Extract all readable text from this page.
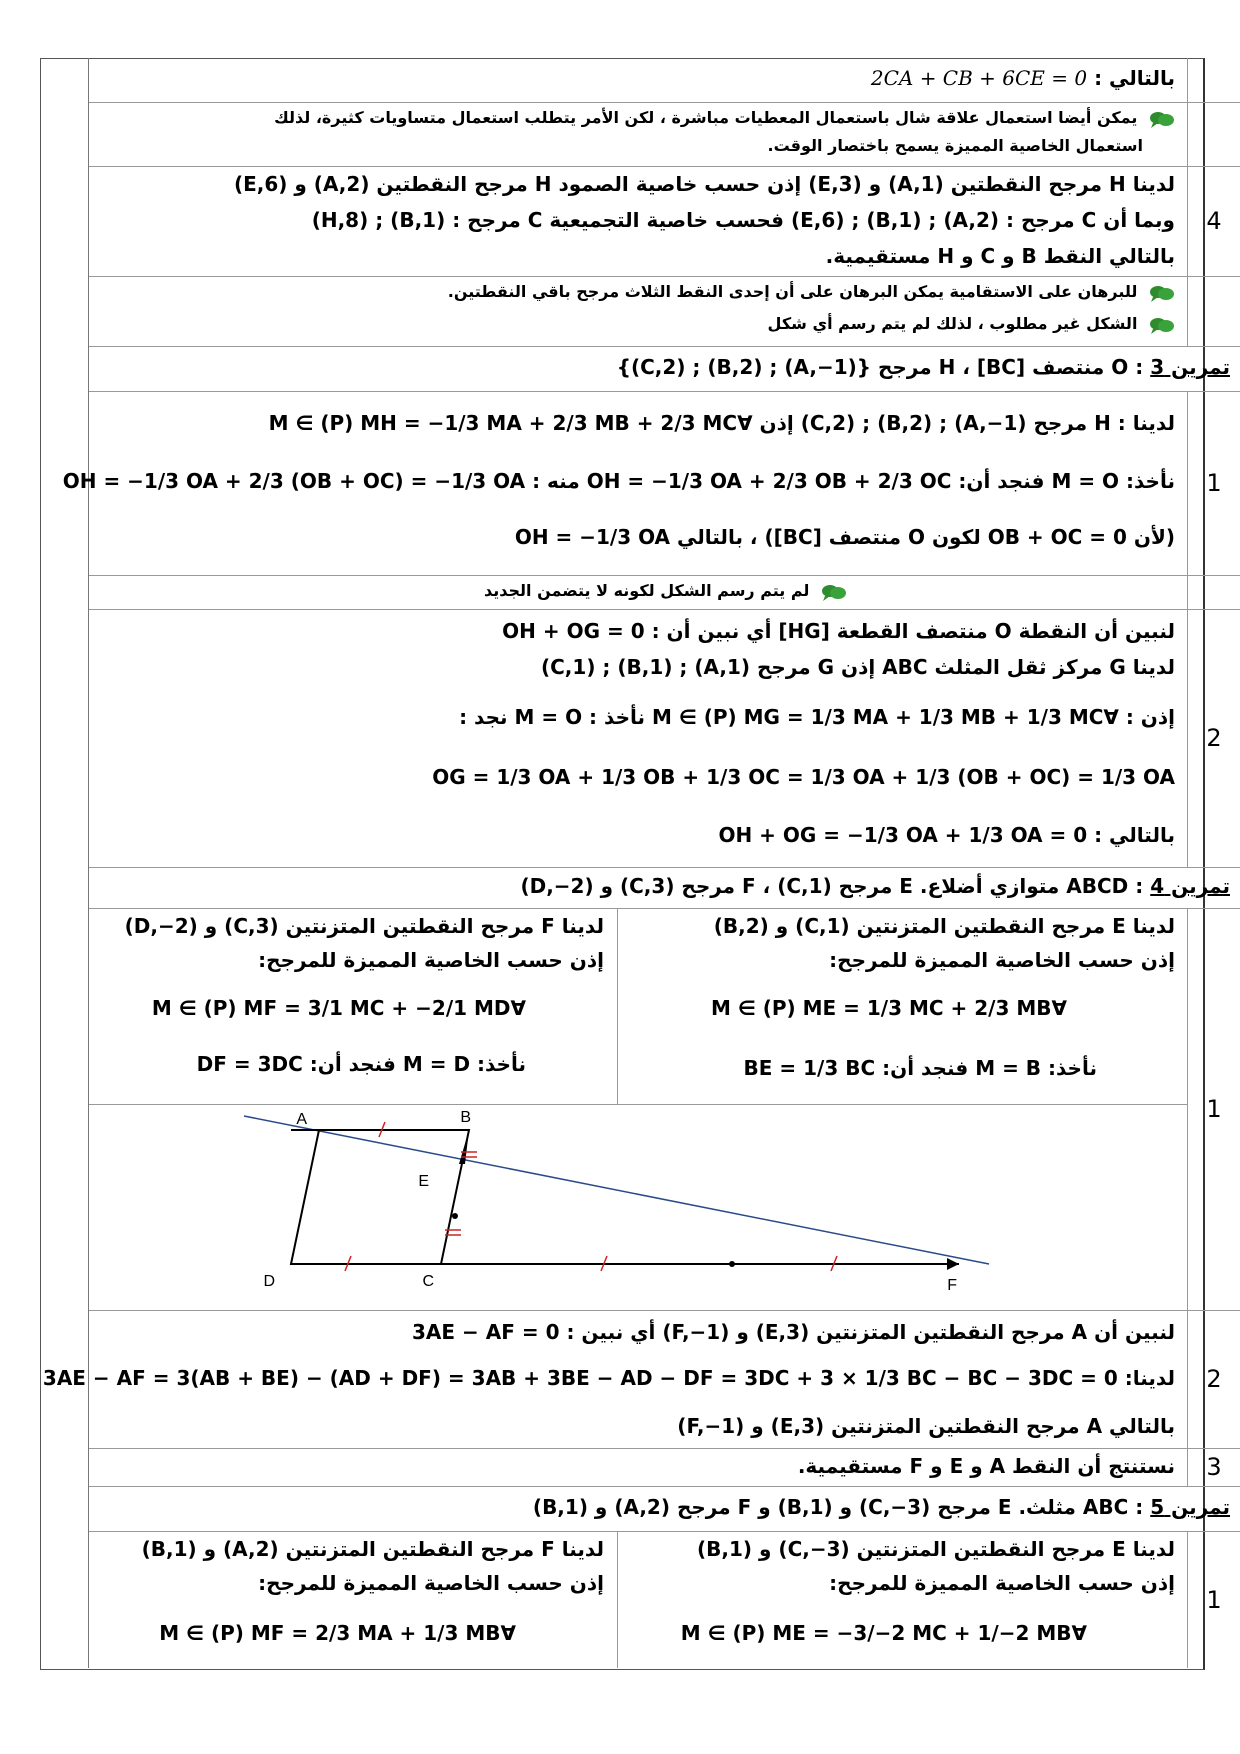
بالتالي : 2CA + CB + 6CE = 0
يمكن أيضا استعمال علاقة شال باستعمال المعطيات مباشرة ، لكن الأمر يتطلب استعمال متساويات كثيرة، لذلك
استعمال الخاصية المميزة يسمح باختصار الوقت.
4
لدينا H مرجح النقطتين (A,1) و (E,3) إذن حسب خاصية الصمود H مرجح النقطتين (A,2) و (E,6)
وبما أن C مرجح : (A,2) ; (B,1) ; (E,6) فحسب خاصية التجميعية C مرجح : (B,1) ; (H,8)
بالتالي النقط B و C و H مستقيمية.
للبرهان على الاستقامية يمكن البرهان على أن إحدى النقط الثلاث مرجح باقي النقطتين.
الشكل غير مطلوب ، لذلك لم يتم رسم أي شكل
تمرين 3 : O منتصف [BC] ، H مرجح {(A,−1) ; (B,2) ; (C,2)}
1
لدينا : H مرجح (A,−1) ; (B,2) ; (C,2) إذن ∀M ∈ (P) MH = −1/3 MA + 2/3 MB + 2/3 MC
نأخذ: M = O فنجد أن: OH = −1/3 OA + 2/3 OB + 2/3 OC منه : OH = −1/3 OA + 2/3 (OB + OC) = −1/3 OA
(لأن OB + OC = 0 لكون O منتصف [BC]) ، بالتالي OH = −1/3 OA
لم يتم رسم الشكل لكونه لا يتضمن الجديد
2
لنبين أن النقطة O منتصف القطعة [HG] أي نبين أن : OH + OG = 0
لدينا G مركز ثقل المثلث ABC إذن G مرجح (A,1) ; (B,1) ; (C,1)
إذن : ∀M ∈ (P) MG = 1/3 MA + 1/3 MB + 1/3 MC نأخذ : M = O نجد :
OG = 1/3 OA + 1/3 OB + 1/3 OC = 1/3 OA + 1/3 (OB + OC) = 1/3 OA
بالتالي : OH + OG = −1/3 OA + 1/3 OA = 0
تمرين 4 : ABCD متوازي أضلاع. E مرجح (C,1) ، F مرجح (C,3) و (D,−2)
1
لدينا E مرجح النقطتين المتزنتين (C,1) و (B,2)
إذن حسب الخاصية المميزة للمرجح:
∀M ∈ (P) ME = 1/3 MC + 2/3 MB
نأخذ: M = B فنجد أن: BE = 1/3 BC
لدينا F مرجح النقطتين المتزنتين (C,3) و (D,−2)
إذن حسب الخاصية المميزة للمرجح:
∀M ∈ (P) MF = 3/1 MC + −2/1 MD
نأخذ: M = D فنجد أن: DF = 3DC
A	B
C
D
E
F
2
لنبين أن A مرجح النقطتين المتزنتين (E,3) و (F,−1) أي نبين : 3AE − AF = 0
لدينا: 3AE − AF = 3(AB + BE) − (AD + DF) = 3AB + 3BE − AD − DF = 3DC + 3 × 1/3 BC − BC − 3DC = 0
بالتالي A مرجح النقطتين المتزنتين (E,3) و (F,−1)
3
نستنتج أن النقط A و E و F مستقيمية.
تمرين 5 : ABC مثلث. E مرجح (C,−3) و (B,1) و F مرجح (A,2) و (B,1)
1
لدينا E مرجح النقطتين المتزنتين (C,−3) و (B,1)
إذن حسب الخاصية المميزة للمرجح:
∀M ∈ (P) ME = −3/−2 MC + 1/−2 MB
لدينا F مرجح النقطتين المتزنتين (A,2) و (B,1)
إذن حسب الخاصية المميزة للمرجح:
∀M ∈ (P) MF = 2/3 MA + 1/3 MB
